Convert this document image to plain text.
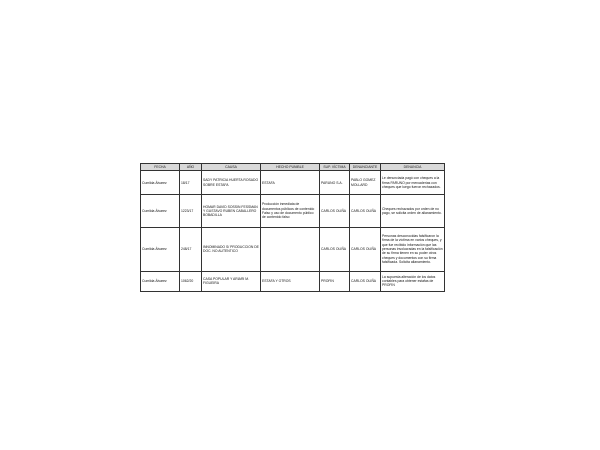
FECHA	AÑO	CAUSA	HECHO PUNIBLE	SUP. VÍCTIMA	DENUNCIANTE	DENUNCIA
Cumilda Álvarez	18/17	SADY PATRICIA HUERTA ROSADO SOBRE ESTAFA	ESTAFA	PARUNO S.A.	PABLO GOMEZ MOLLARD	Le denunciada pagó con cheques a la firma PARUNO por mercaderías con cheques que luego fueron rechazados.
Cumilda Álvarez	1223/17	HOMAR DAVID SOSSIN FESSMAN Y GUSTAVO RUBEN CABALLERO BOBADILLA	Producción inmediata de documentos públicos de contenido Falso y uso de documento público de contenido falso	CARLOS OLIÑA	CARLOS OLIÑA	Cheques rechazados por orden de no pago, se solicita orden de allanamiento.
Cumilda Álvarez	248/17	INNOMINADO S/ PRODUCCION DE DOC. NO AUTENTICO		CARLOS OLIÑA	CARLOS OLIÑA	Personas desconocidas falsificaron la firma de la víctima en varios cheques, y que fue recibido información que las personas involucradas en la falsificación de su firma tienen en su poder otros cheques y documentos con su firma falsificada. Solicita allanamiento.
Cumilda Álvarez	1062/20	CASA POPULAR Y ARIARI M. FIGUEIRA	ESTAFA Y OTROS	PROFIN	CARLOS OLIÑA	La supuesta alteración de los datos contables para obtener estafas de PROFIN
